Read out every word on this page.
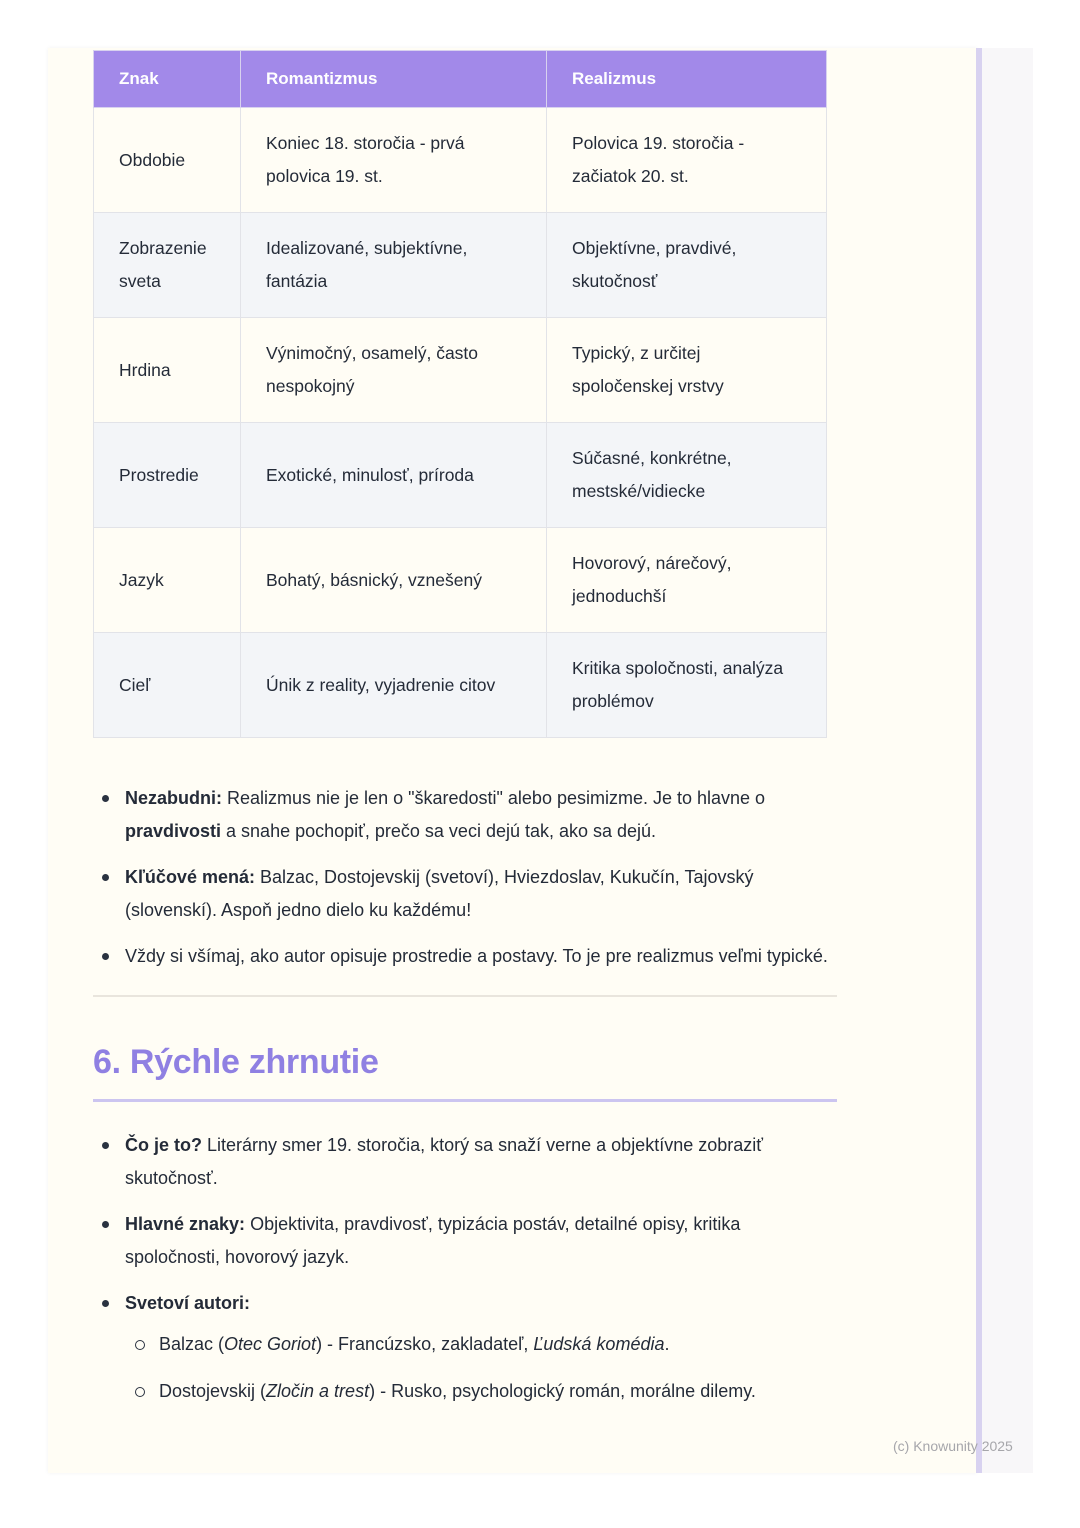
Znak	Romantizmus	Realizmus
Obdobie	Koniec 18. storočia - prvá polovica 19. st.	Polovica 19. storočia - začiatok 20. st.
Zobrazenie sveta	Idealizované, subjektívne, fantázia	Objektívne, pravdivé, skutočnosť
Hrdina	Výnimočný, osamelý, často nespokojný	Typický, z určitej spoločenskej vrstvy
Prostredie	Exotické, minulosť, príroda	Súčasné, konkrétne, mestské/vidiecke
Jazyk	Bohatý, básnický, vznešený	Hovorový, nárečový, jednoduchší
Cieľ	Únik z reality, vyjadrenie citov	Kritika spoločnosti, analýza problémov
Nezabudni: Realizmus nie je len o "škaredosti" alebo pesimizme. Je to hlavne o pravdivosti a snahe pochopiť, prečo sa veci dejú tak, ako sa dejú.
Kľúčové mená: Balzac, Dostojevskij (svetoví), Hviezdoslav, Kukučín, Tajovský (slovenskí). Aspoň jedno dielo ku každému!
Vždy si všímaj, ako autor opisuje prostredie a postavy. To je pre realizmus veľmi typické.
6. Rýchle zhrnutie
Čo je to? Literárny smer 19. storočia, ktorý sa snaží verne a objektívne zobraziť skutočnosť.
Hlavné znaky: Objektivita, pravdivosť, typizácia postáv, detailné opisy, kritika spoločnosti, hovorový jazyk.
Svetoví autori:
Balzac (Otec Goriot) - Francúzsko, zakladateľ, Ľudská komédia.
Dostojevskij (Zločin a trest) - Rusko, psychologický román, morálne dilemy.
(c) Knowunity 2025
